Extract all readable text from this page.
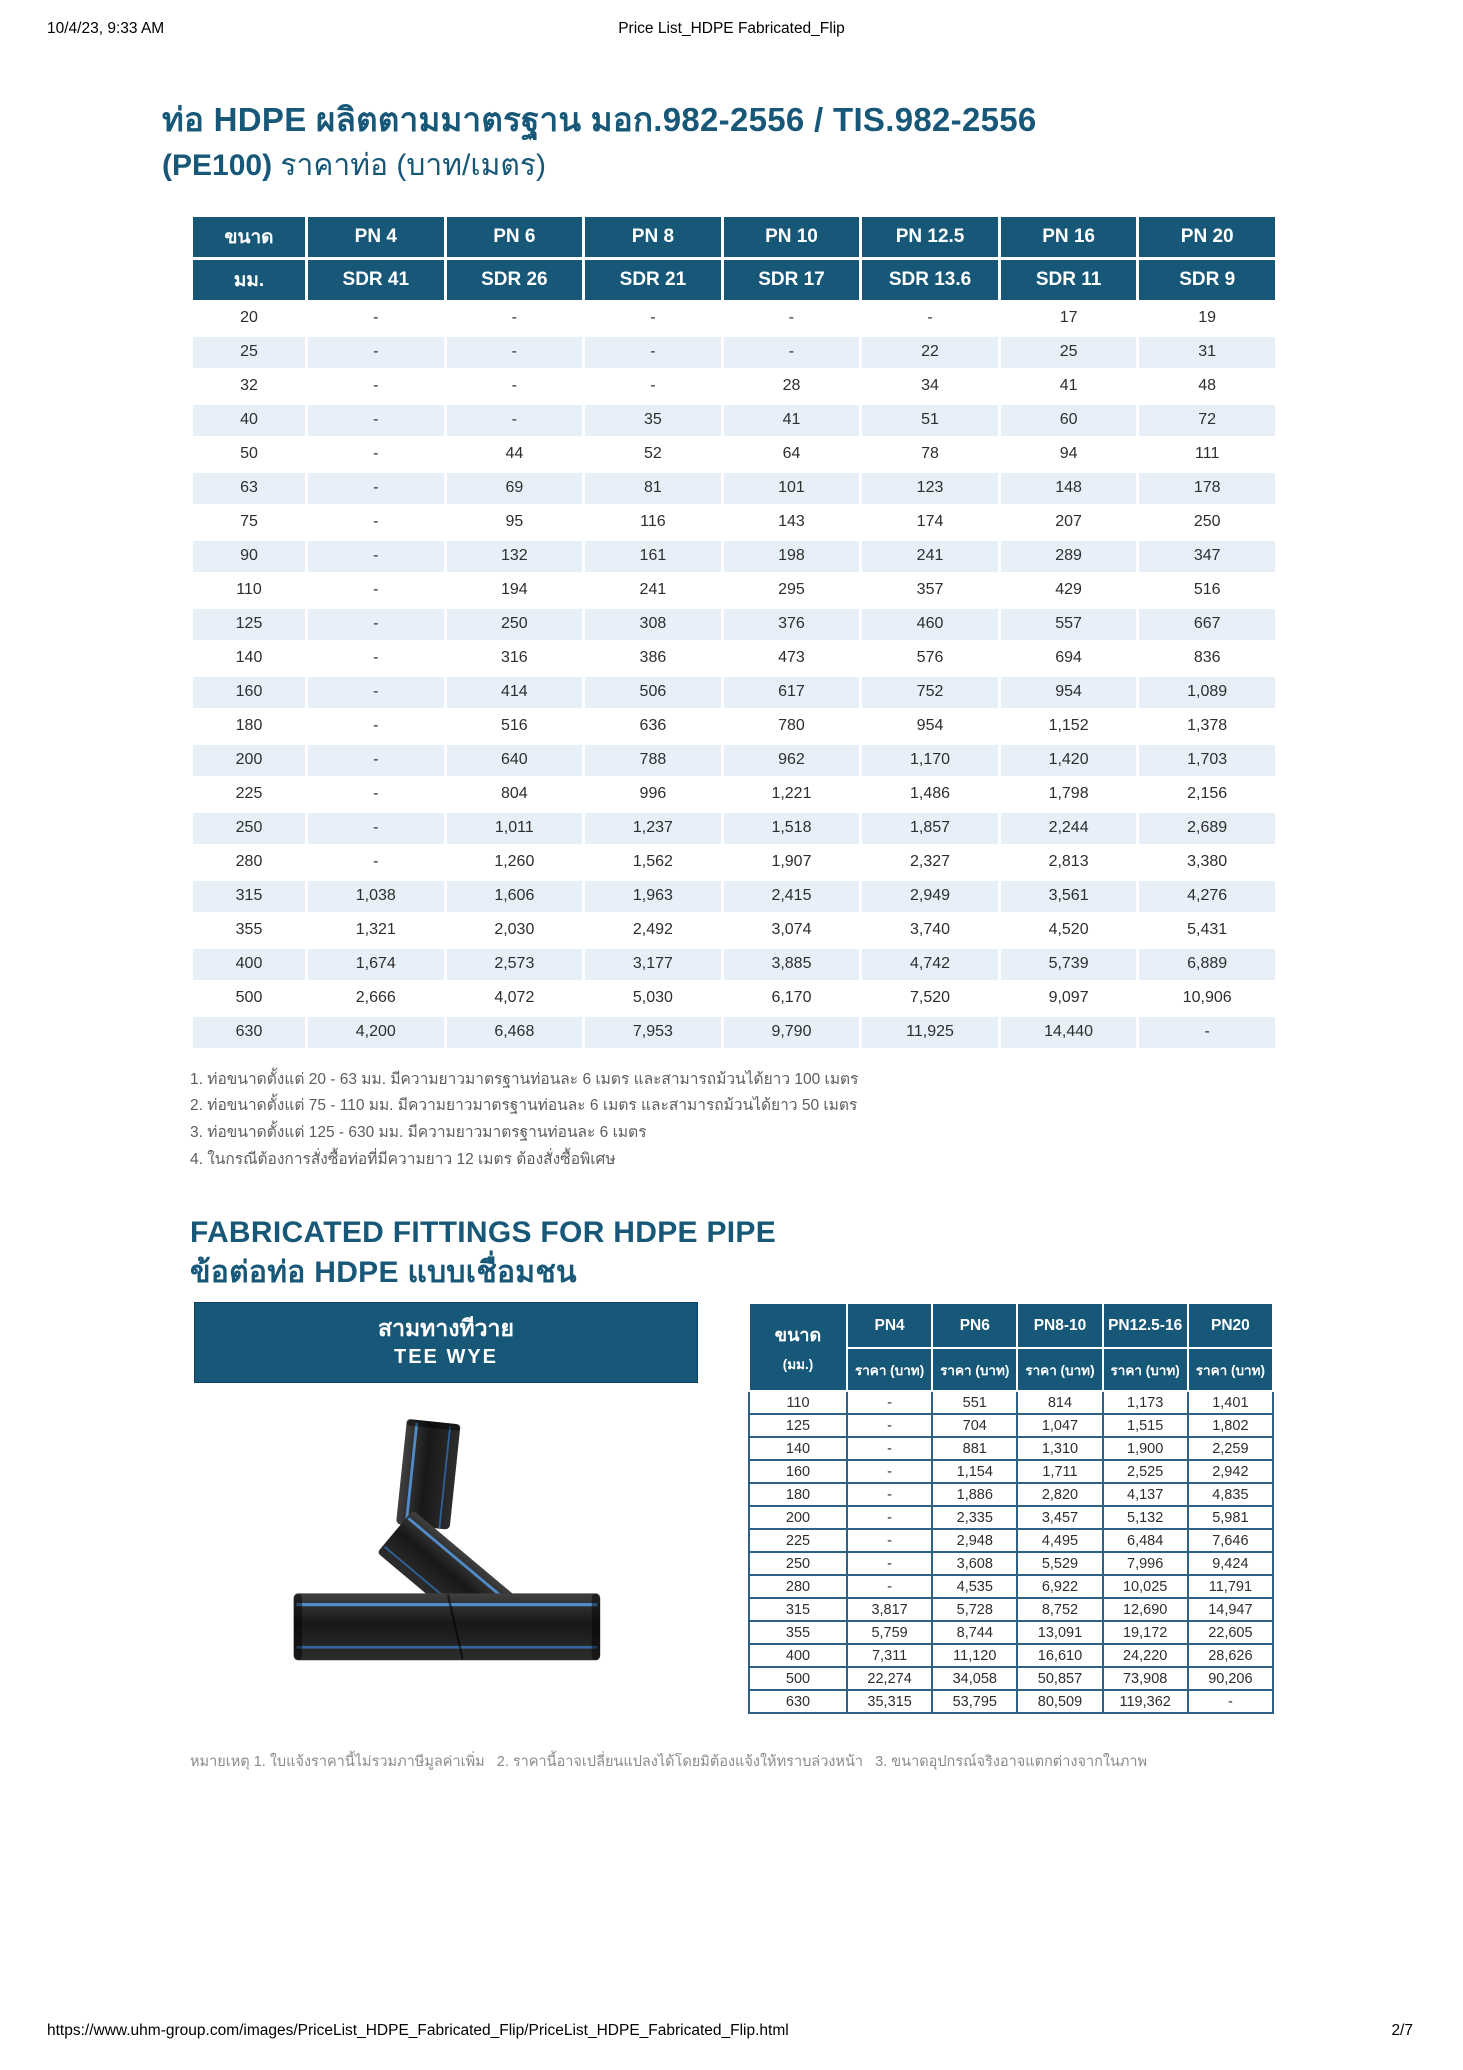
10/4/23, 9:33 AM	Price List_HDPE Fabricated_Flip
ท่อ HDPE ผลิตตามมาตรฐาน มอก.982-2556 / TIS.982-2556
(PE100) ราคาท่อ (บาท/เมตร)
ขนาด	PN 4	PN 6	PN 8	PN 10	PN 12.5	PN 16	PN 20
มม.	SDR 41	SDR 26	SDR 21	SDR 17	SDR 13.6	SDR 11	SDR 9
20	-	-	-	-	-	17	19
25	-	-	-	-	22	25	31
32	-	-	-	28	34	41	48
40	-	-	35	41	51	60	72
50	-	44	52	64	78	94	111
63	-	69	81	101	123	148	178
75	-	95	116	143	174	207	250
90	-	132	161	198	241	289	347
110	-	194	241	295	357	429	516
125	-	250	308	376	460	557	667
140	-	316	386	473	576	694	836
160	-	414	506	617	752	954	1,089
180	-	516	636	780	954	1,152	1,378
200	-	640	788	962	1,170	1,420	1,703
225	-	804	996	1,221	1,486	1,798	2,156
250	-	1,011	1,237	1,518	1,857	2,244	2,689
280	-	1,260	1,562	1,907	2,327	2,813	3,380
315	1,038	1,606	1,963	2,415	2,949	3,561	4,276
355	1,321	2,030	2,492	3,074	3,740	4,520	5,431
400	1,674	2,573	3,177	3,885	4,742	5,739	6,889
500	2,666	4,072	5,030	6,170	7,520	9,097	10,906
630	4,200	6,468	7,953	9,790	11,925	14,440	-
1. ท่อขนาดตั้งแต่ 20 - 63 มม. มีความยาวมาตรฐานท่อนละ 6 เมตร และสามารถม้วนได้ยาว 100 เมตร
2. ท่อขนาดตั้งแต่ 75 - 110 มม. มีความยาวมาตรฐานท่อนละ 6 เมตร และสามารถม้วนได้ยาว 50 เมตร
3. ท่อขนาดตั้งแต่ 125 - 630 มม. มีความยาวมาตรฐานท่อนละ 6 เมตร
4. ในกรณีต้องการสั่งซื้อท่อที่มีความยาว 12 เมตร ต้องสั่งซื้อพิเศษ
FABRICATED FITTINGS FOR HDPE PIPE
ข้อต่อท่อ HDPE แบบเชื่อมชน
สามทางทีวาย
TEE WYE
ขนาด
(มม.)	PN4	PN6	PN8-10	PN12.5-16	PN20
	ราคา (บาท)	ราคา (บาท)	ราคา (บาท)	ราคา (บาท)	ราคา (บาท)
110	-	551	814	1,173	1,401
125	-	704	1,047	1,515	1,802
140	-	881	1,310	1,900	2,259
160	-	1,154	1,711	2,525	2,942
180	-	1,886	2,820	4,137	4,835
200	-	2,335	3,457	5,132	5,981
225	-	2,948	4,495	6,484	7,646
250	-	3,608	5,529	7,996	9,424
280	-	4,535	6,922	10,025	11,791
315	3,817	5,728	8,752	12,690	14,947
355	5,759	8,744	13,091	19,172	22,605
400	7,311	11,120	16,610	24,220	28,626
500	22,274	34,058	50,857	73,908	90,206
630	35,315	53,795	80,509	119,362	-
หมายเหตุ 1. ใบแจ้งราคานี้ไม่รวมภาษีมูลค่าเพิ่ม   2. ราคานี้อาจเปลี่ยนแปลงได้โดยมิต้องแจ้งให้ทราบล่วงหน้า   3. ขนาดอุปกรณ์จริงอาจแตกต่างจากในภาพ
https://www.uhm-group.com/images/PriceList_HDPE_Fabricated_Flip/PriceList_HDPE_Fabricated_Flip.html	2/7
